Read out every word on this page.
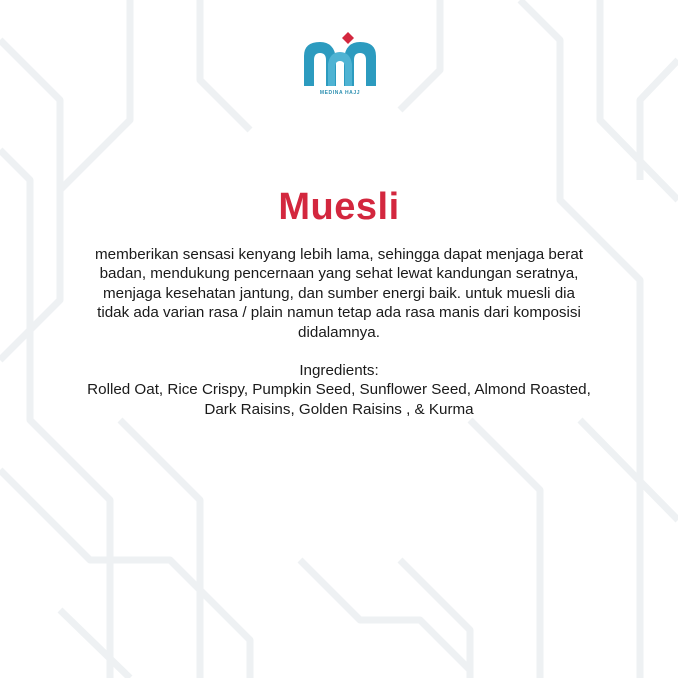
MEDINA HAJJ
Muesli

memberikan sensasi kenyang lebih lama, sehingga dapat menjaga berat

badan, mendukung pencernaan yang sehat lewat kandungan seratnya,

menjaga kesehatan jantung, dan sumber energi baik. untuk muesli dia

tidak ada varian rasa / plain namun tetap ada rasa manis dari komposisi

didalamnya.

Ingredients:

Rolled Oat, Rice Crispy, Pumpkin Seed, Sunflower Seed, Almond Roasted,

Dark Raisins, Golden Raisins , & Kurma
